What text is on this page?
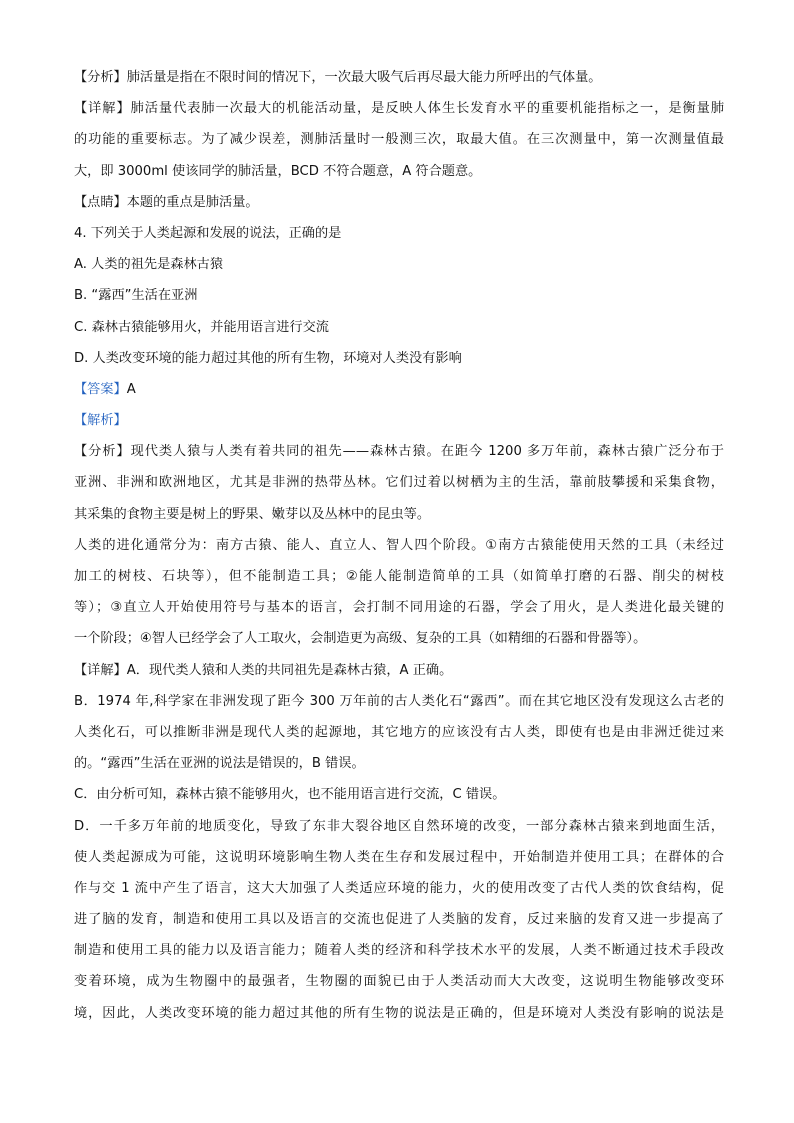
【分析】肺活量是指在不限时间的情况下，一次最大吸气后再尽最大能力所呼出的气体量。
【详解】肺活量代表肺一次最大的机能活动量，是反映人体生长发育水平的重要机能指标之一，是衡量肺
的功能的重要标志。为了减少误差，测肺活量时一般测三次，取最大值。在三次测量中，第一次测量值最
大，即 3000ml 使该同学的肺活量，BCD 不符合题意，A 符合题意。
【点睛】本题的重点是肺活量。
4. 下列关于人类起源和发展的说法，正确的是
A. 人类的祖先是森林古猿
B. “露西”生活在亚洲
C. 森林古猿能够用火，并能用语言进行交流
D. 人类改变环境的能力超过其他的所有生物，环境对人类没有影响
【答案】A
【解析】
【分析】现代类人猿与人类有着共同的祖先——森林古猿。在距今 1200 多万年前，森林古猿广泛分布于
亚洲、非洲和欧洲地区，尤其是非洲的热带丛林。它们过着以树栖为主的生活，靠前肢攀援和采集食物，
其采集的食物主要是树上的野果、嫩芽以及丛林中的昆虫等。
人类的进化通常分为：南方古猿、能人、直立人、智人四个阶段。①南方古猿能使用天然的工具（未经过
加工的树枝、石块等），但不能制造工具；②能人能制造简单的工具（如简单打磨的石器、削尖的树枝
等）；③直立人开始使用符号与基本的语言，会打制不同用途的石器，学会了用火，是人类进化最关键的
一个阶段；④智人已经学会了人工取火，会制造更为高级、复杂的工具（如精细的石器和骨器等）。
【详解】A．现代类人猿和人类的共同祖先是森林古猿，A 正确。
B．1974 年,科学家在非洲发现了距今 300 万年前的古人类化石“露西”。而在其它地区没有发现这么古老的
人类化石，可以推断非洲是现代人类的起源地，其它地方的应该没有古人类，即使有也是由非洲迁徙过来
的。“露西”生活在亚洲的说法是错误的，B 错误。
C．由分析可知，森林古猿不能够用火，也不能用语言进行交流，C 错误。
D．一千多万年前的地质变化，导致了东非大裂谷地区自然环境的改变，一部分森林古猿来到地面生活，
使人类起源成为可能，这说明环境影响生物人类在生存和发展过程中，开始制造并使用工具；在群体的合
作与交 1 流中产生了语言，这大大加强了人类适应环境的能力，火的使用改变了古代人类的饮食结构，促
进了脑的发育，制造和使用工具以及语言的交流也促进了人类脑的发育，反过来脑的发育又进一步提高了
制造和使用工具的能力以及语言能力；随着人类的经济和科学技术水平的发展，人类不断通过技术手段改
变着环境，成为生物圈中的最强者，生物圈的面貌已由于人类活动而大大改变，这说明生物能够改变环
境，因此，人类改变环境的能力超过其他的所有生物的说法是正确的，但是环境对人类没有影响的说法是
